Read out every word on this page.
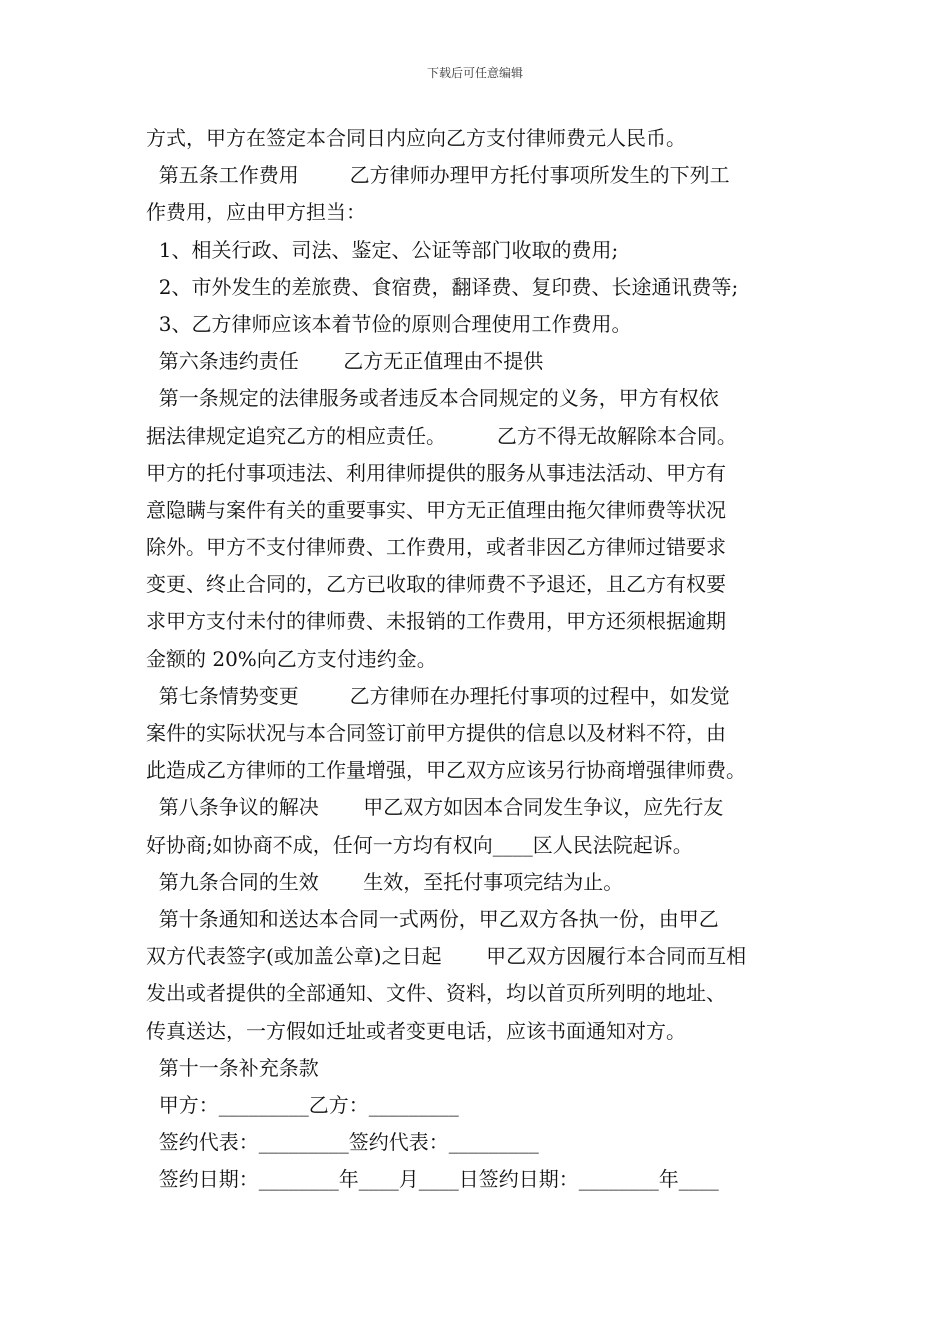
下载后可任意编辑
方式，甲方在签定本合同日内应向乙方支付律师费元人民币。
第五条工作费用        乙方律师办理甲方托付事项所发生的下列工
作费用，应由甲方担当：
1、相关行政、司法、鉴定、公证等部门收取的费用;
2、市外发生的差旅费、食宿费，翻译费、复印费、长途通讯费等;
3、乙方律师应该本着节俭的原则合理使用工作费用。
第六条违约责任       乙方无正值理由不提供
第一条规定的法律服务或者违反本合同规定的义务，甲方有权依
据法律规定追究乙方的相应责任。        乙方不得无故解除本合同。
甲方的托付事项违法、利用律师提供的服务从事违法活动、甲方有
意隐瞒与案件有关的重要事实、甲方无正值理由拖欠律师费等状况
除外。甲方不支付律师费、工作费用，或者非因乙方律师过错要求
变更、终止合同的，乙方已收取的律师费不予退还，且乙方有权要
求甲方支付未付的律师费、未报销的工作费用，甲方还须根据逾期
金额的 20%向乙方支付违约金。
第七条情势变更        乙方律师在办理托付事项的过程中，如发觉
案件的实际状况与本合同签订前甲方提供的信息以及材料不符，由
此造成乙方律师的工作量增强，甲乙双方应该另行协商增强律师费。
第八条争议的解决       甲乙双方如因本合同发生争议，应先行友
好协商;如协商不成，任何一方均有权向____区人民法院起诉。
第九条合同的生效       生效，至托付事项完结为止。
第十条通知和送达本合同一式两份，甲乙双方各执一份，由甲乙
双方代表签字(或加盖公章)之日起       甲乙双方因履行本合同而互相
发出或者提供的全部通知、文件、资料，均以首页所列明的地址、
传真送达，一方假如迁址或者变更电话，应该书面通知对方。
第十一条补充条款
甲方：_________乙方：_________
签约代表：_________签约代表：_________
签约日期：________年____月____日签约日期：________年____
